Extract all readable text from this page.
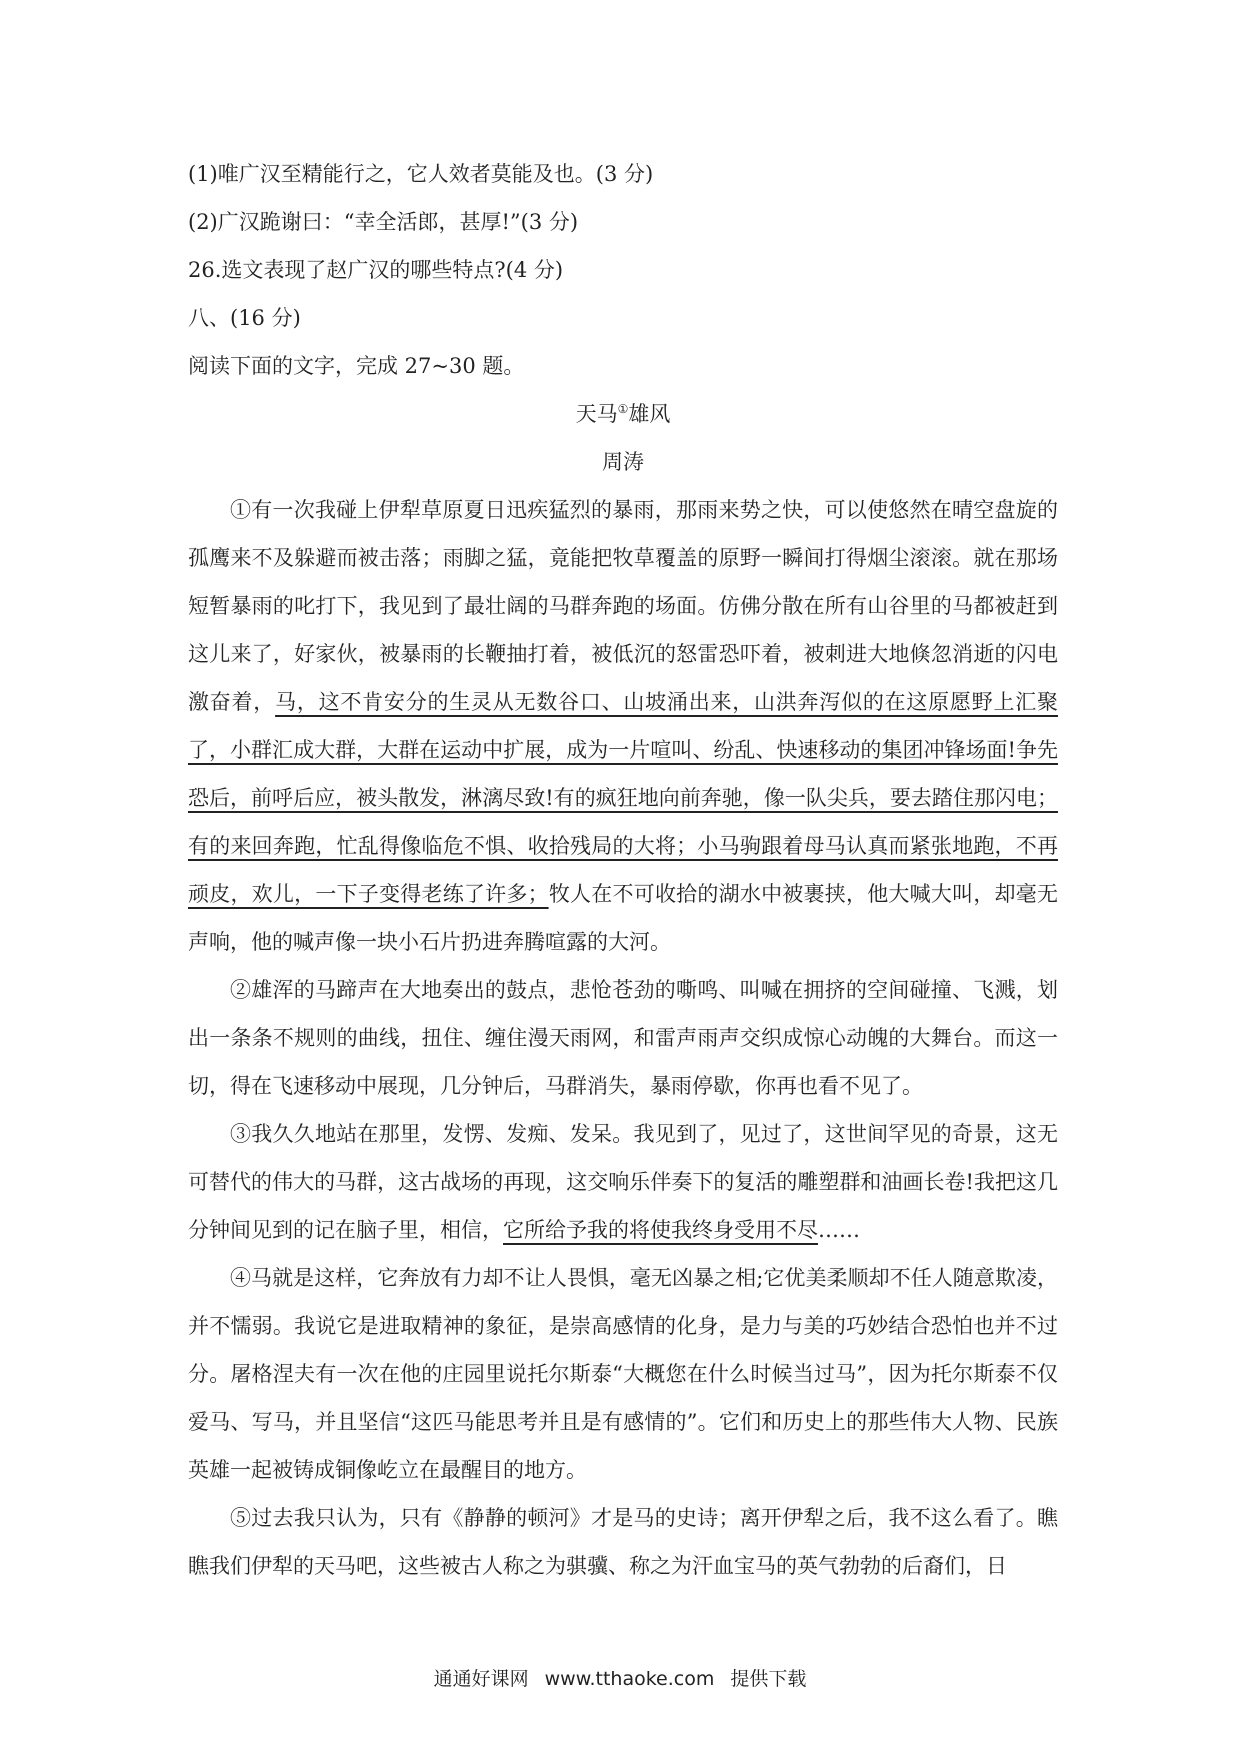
(1)唯广汉至精能行之，它人效者莫能及也。(3 分)
(2)广汉跪谢曰：“幸全活郎，甚厚!”(3 分)
26.选文表现了赵广汉的哪些特点?(4 分)
八、(16 分)
阅读下面的文字，完成 27~30 题。
天马①雄风
周涛

①有一次我碰上伊犁草原夏日迅疾猛烈的暴雨，那雨来势之快，可以使悠然在晴空盘旋的孤鹰来不及躲避而被击落；雨脚之猛，竟能把牧草覆盖的原野一瞬间打得烟尘滚滚。就在那场短暂暴雨的叱打下，我见到了最壮阔的马群奔跑的场面。仿佛分散在所有山谷里的马都被赶到这儿来了，好家伙，被暴雨的长鞭抽打着，被低沉的怒雷恐吓着，被刺进大地倏忽消逝的闪电激奋着，马，这不肯安分的生灵从无数谷口、山坡涌出来，山洪奔泻似的在这原愿野上汇聚了，小群汇成大群，大群在运动中扩展，成为一片喧叫、纷乱、快速移动的集团冲锋场面!争先恐后，前呼后应，被头散发，淋漓尽致!有的疯狂地向前奔驰，像一队尖兵，要去踏住那闪电；有的来回奔跑，忙乱得像临危不惧、收拾残局的大将；小马驹跟着母马认真而紧张地跑，不再顽皮，欢儿，一下子变得老练了许多；牧人在不可收拾的湖水中被裹挟，他大喊大叫，却毫无声响，他的喊声像一块小石片扔进奔腾喧露的大河。

②雄浑的马蹄声在大地奏出的鼓点，悲怆苍劲的嘶鸣、叫喊在拥挤的空间碰撞、飞溅，划出一条条不规则的曲线，扭住、缠住漫天雨网，和雷声雨声交织成惊心动魄的大舞台。而这一切，得在飞速移动中展现，几分钟后，马群消失，暴雨停歇，你再也看不见了。

③我久久地站在那里，发愣、发痴、发呆。我见到了，见过了，这世间罕见的奇景，这无可替代的伟大的马群，这古战场的再现，这交响乐伴奏下的复活的雕塑群和油画长卷!我把这几分钟间见到的记在脑子里，相信，它所给予我的将使我终身受用不尽……

④马就是这样，它奔放有力却不让人畏惧，毫无凶暴之相;它优美柔顺却不任人随意欺凌，并不懦弱。我说它是进取精神的象征，是崇高感情的化身，是力与美的巧妙结合恐怕也并不过分。屠格涅夫有一次在他的庄园里说托尔斯泰“大概您在什么时候当过马”，因为托尔斯泰不仅爱马、写马，并且坚信“这匹马能思考并且是有感情的”。它们和历史上的那些伟大人物、民族英雄一起被铸成铜像屹立在最醒目的地方。

⑤过去我只认为，只有《静静的顿河》才是马的史诗；离开伊犁之后，我不这么看了。瞧瞧我们伊犁的天马吧，这些被古人称之为骐骥、称之为汗血宝马的英气勃勃的后裔们，日

通通好课网 www.tthaoke.com 提供下载
